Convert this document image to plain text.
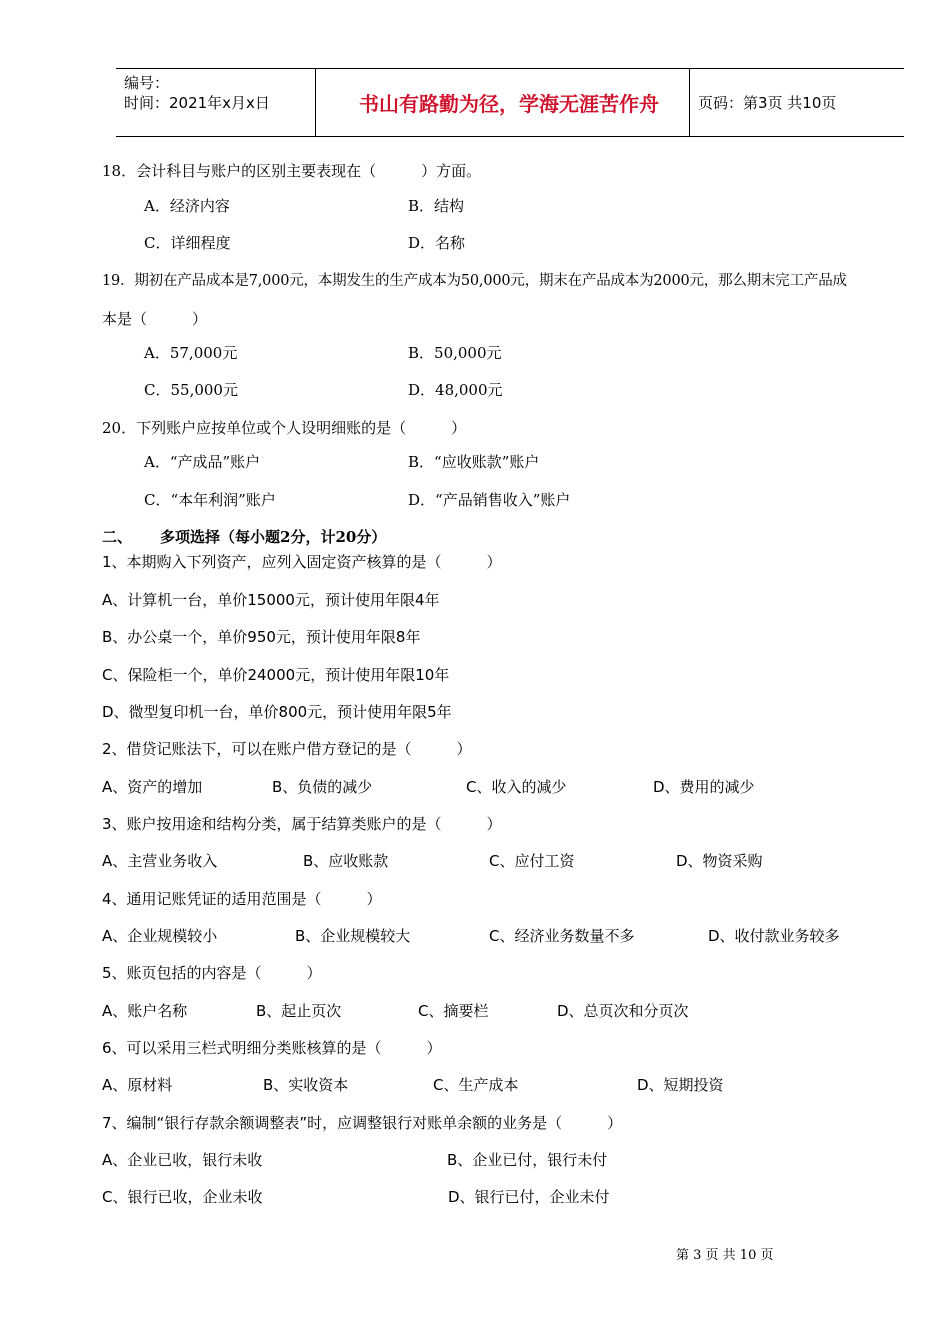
编号：
时间：2021年x月x日	书山有路勤为径，学海无涯苦作舟	页码：第3页 共10页
18．会计科目与账户的区别主要表现在（　　　）方面。
A．经济内容	B．结构
C．详细程度	D．名称
19．期初在产品成本是7,000元，本期发生的生产成本为50,000元，期末在产品成本为2000元，那么期末完工产品成
本是（　　　）
A．57,000元	B．50,000元
C．55,000元	D．48,000元
20．下列账户应按单位或个人设明细账的是（　　　）
A．“产成品”账户	B．“应收账款”账户
C．“本年利润”账户	D．“产品销售收入”账户
二、 多项选择（每小题2分，计20分）
1、本期购入下列资产，应列入固定资产核算的是（　　　）
A、计算机一台，单价15000元，预计使用年限4年
B、办公桌一个，单价950元，预计使用年限8年
C、保险柜一个，单价24000元，预计使用年限10年
D、微型复印机一台，单价800元，预计使用年限5年
2、借贷记账法下，可以在账户借方登记的是（　　　）
A、资产的增加	B、负债的减少	C、收入的减少	D、费用的减少
3、账户按用途和结构分类，属于结算类账户的是（　　　）
A、主营业务收入	B、应收账款	C、应付工资	D、物资采购
4、通用记账凭证的适用范围是（　　　）
A、企业规模较小	B、企业规模较大	C、经济业务数量不多	D、收付款业务较多
5、账页包括的内容是（　　　）
A、账户名称	B、起止页次	C、摘要栏	D、总页次和分页次
6、可以采用三栏式明细分类账核算的是（　　　）
A、原材料	B、实收资本	C、生产成本	D、短期投资
7、编制“银行存款余额调整表”时，应调整银行对账单余额的业务是（　　　）
A、企业已收，银行未收	B、企业已付，银行未付
C、银行已收，企业未收	D、银行已付，企业未付
第 3 页 共 10 页
